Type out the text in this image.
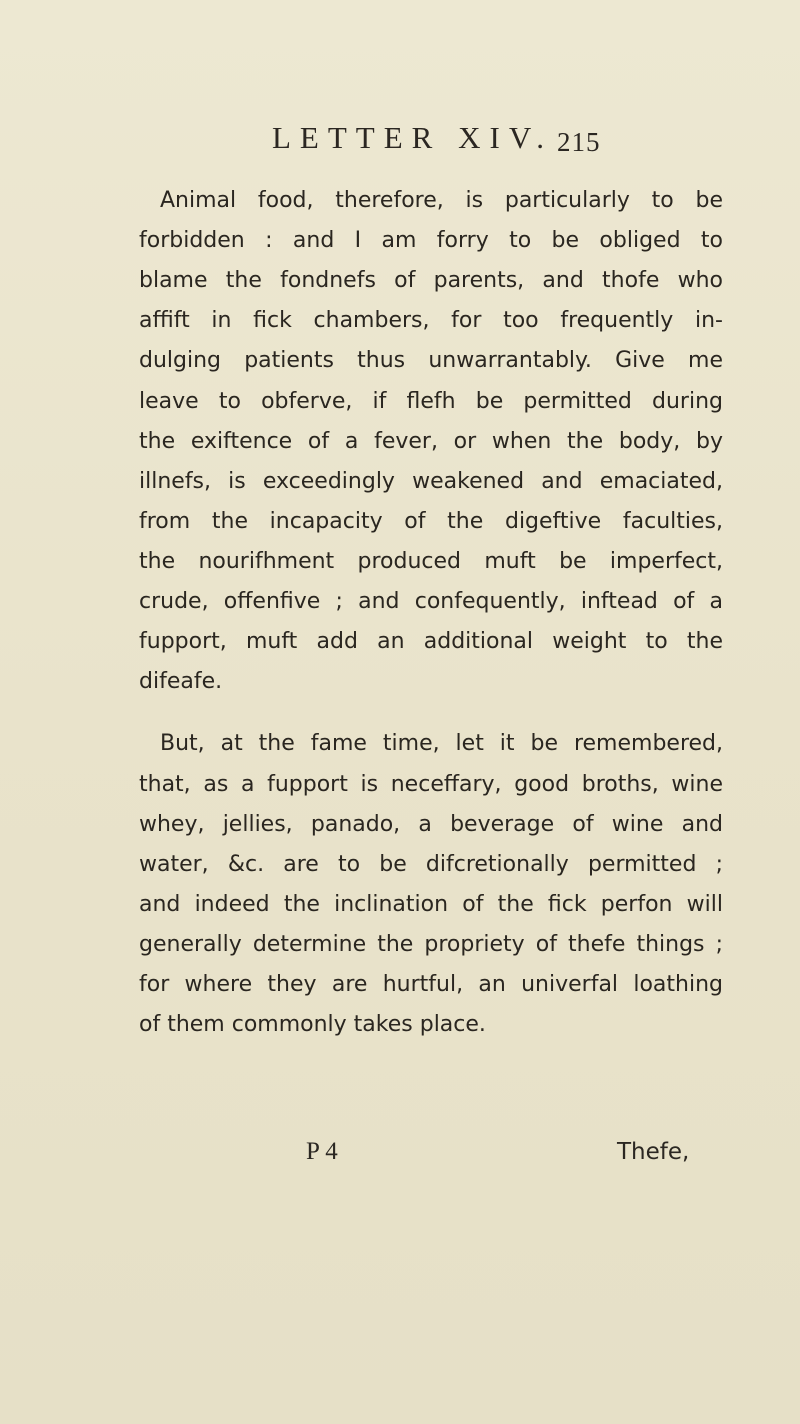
LETTER XIV. 215
Animal food, therefore, is particularly to be
forbidden : and I am forry to be obliged to
blame the fondnefs of parents, and thofe who
affift in fick chambers, for too frequently in-
dulging patients thus unwarrantably. Give me
leave to obferve, if flefh be permitted during
the exiftence of a fever, or when the body, by
illnefs, is exceedingly weakened and emaciated,
from the incapacity of the digeftive faculties,
the nourifhment produced muft be imperfect,
crude, offenfive ; and confequently, inftead of a
fupport, muft add an additional weight to the
difeafe.
But, at the fame time, let it be remembered,
that, as a fupport is neceffary, good broths, wine
whey, jellies, panado, a beverage of wine and
water, &c. are to be difcretionally permitted ;
and indeed the inclination of the fick perfon will
generally determine the propriety of thefe things ;
for where they are hurtful, an univerfal loathing
of them commonly takes place.
P 4	Thefe,
